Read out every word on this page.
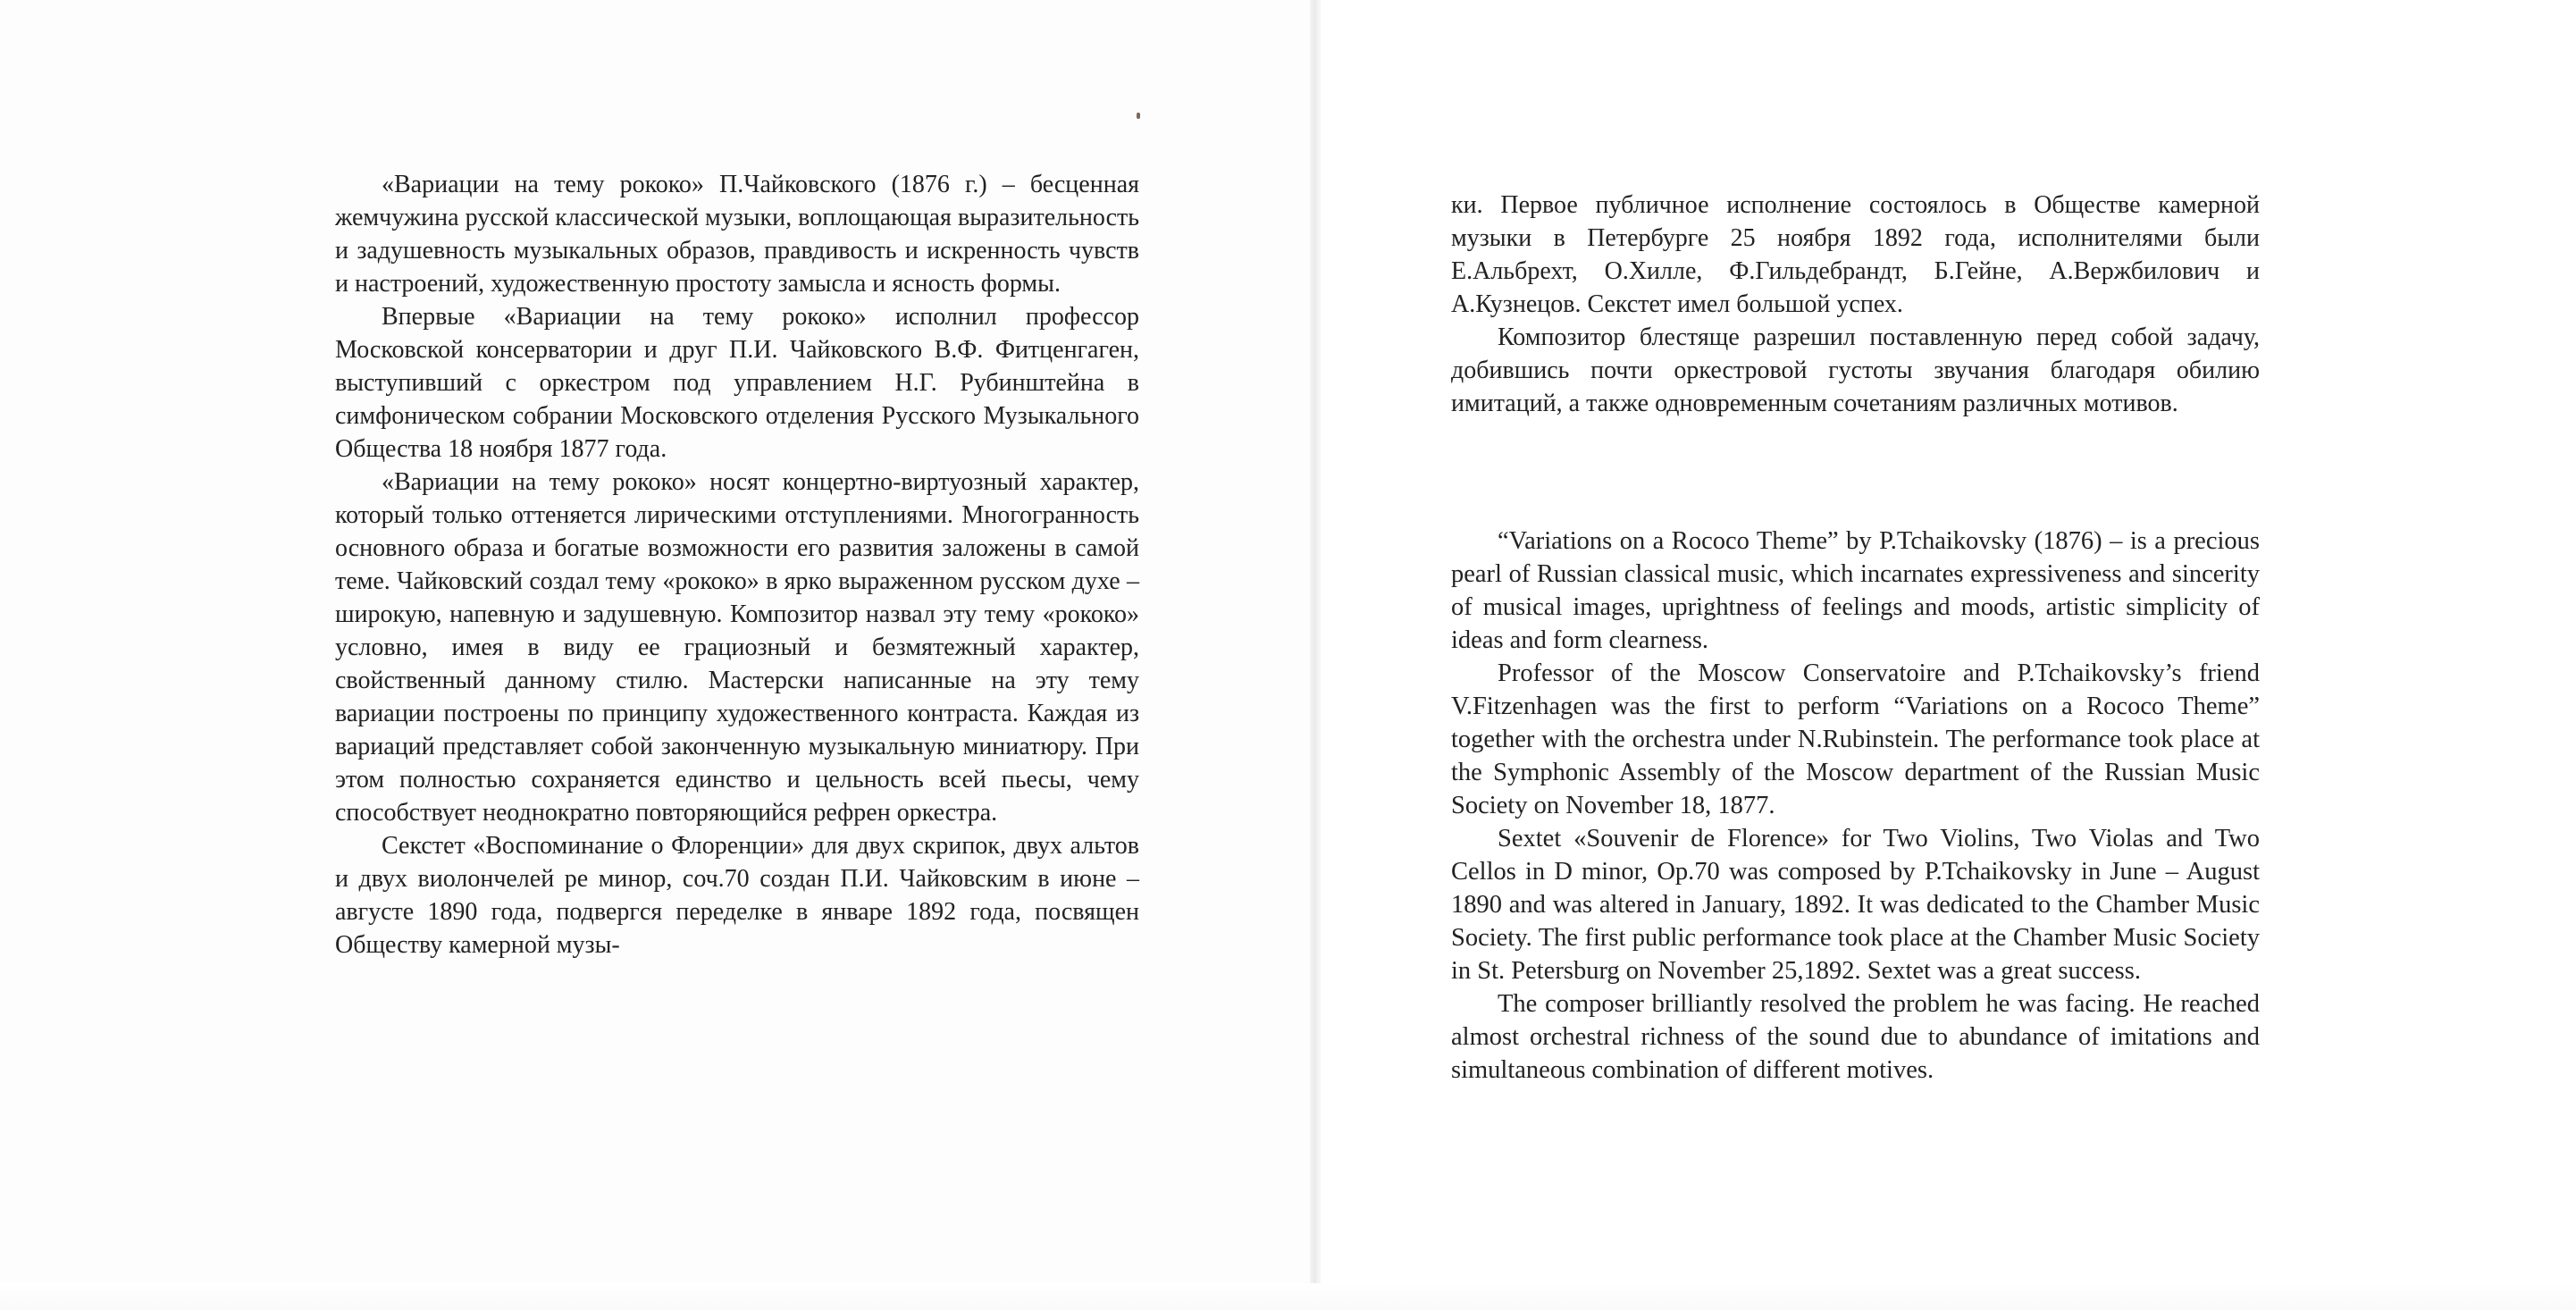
«Вариации на тему рококо» П.Чайковского (1876 г.) – бесценная жемчужина русской классической музыки, воплощающая выразительность и задушевность музыкальных образов, правдивость и искренность чувств и настроений, художественную простоту замысла и ясность формы.

Впервые «Вариации на тему рококо» исполнил профессор Московской консерватории и друг П.И. Чайковского В.Ф. Фитценгаген, выступивший с оркестром под управлением Н.Г. Рубинштейна в симфоническом собрании Московского отделения Русского Музыкального Общества 18 ноября 1877 года.

«Вариации на тему рококо» носят концертно-виртуозный характер, который только оттеняется лирическими отступлениями. Многогранность основного образа и богатые возможности его развития заложены в самой теме. Чайковский создал тему «рококо» в ярко выраженном русском духе – широкую, напевную и задушевную. Композитор назвал эту тему «рококо» условно, имея в виду ее грациозный и безмятежный характер, свойственный данному стилю. Мастерски написанные на эту тему вариации построены по принципу художественного контраста. Каждая из вариаций представляет собой законченную музыкальную миниатюру. При этом полностью сохраняется единство и цельность всей пьесы, чему способствует неоднократно повторяющийся рефрен оркестра.

Секстет «Воспоминание о Флоренции» для двух скрипок, двух альтов и двух виолончелей ре минор, соч.70 создан П.И. Чайковским в июне – августе 1890 года, подвергся переделке в январе 1892 года, посвящен Обществу камерной музы-

ки. Первое публичное исполнение состоялось в Обществе камерной музыки в Петербурге 25 ноября 1892 года, исполнителями были Е.Альбрехт, О.Хилле, Ф.Гильдебрандт, Б.Гейне, А.Вержбилович и А.Кузнецов. Секстет имел большой успех.

Композитор блестяще разрешил поставленную перед собой задачу, добившись почти оркестровой густоты звучания благодаря обилию имитаций, а также одновременным сочетаниям различных мотивов.

“Variations on a Rococo Theme” by P.Tchaikovsky (1876) – is a precious pearl of Russian classical music, which incarnates expressiveness and sincerity of musical images, uprightness of feelings and moods, artistic simplicity of ideas and form clearness.

Professor of the Moscow Conservatoire and P.Tchaikovsky’s friend V.Fitzenhagen was the first to perform “Variations on a Rococo Theme” together with the orchestra under N.Rubinstein. The performance took place at the Symphonic Assembly of the Moscow department of the Russian Music Society on November 18, 1877.

Sextet «Souvenir de Florence» for Two Violins, Two Violas and Two Cellos in D minor, Op.70 was composed by P.Tchaikovsky in June – August 1890 and was altered in January, 1892. It was dedicated to the Chamber Music Society. The first public performance took place at the Chamber Music Society in St. Petersburg on November 25,1892. Sextet was a great success.

The composer brilliantly resolved the problem he was facing. He reached almost orchestral richness of the sound due to abundance of imitations and simultaneous combination of different motives.
